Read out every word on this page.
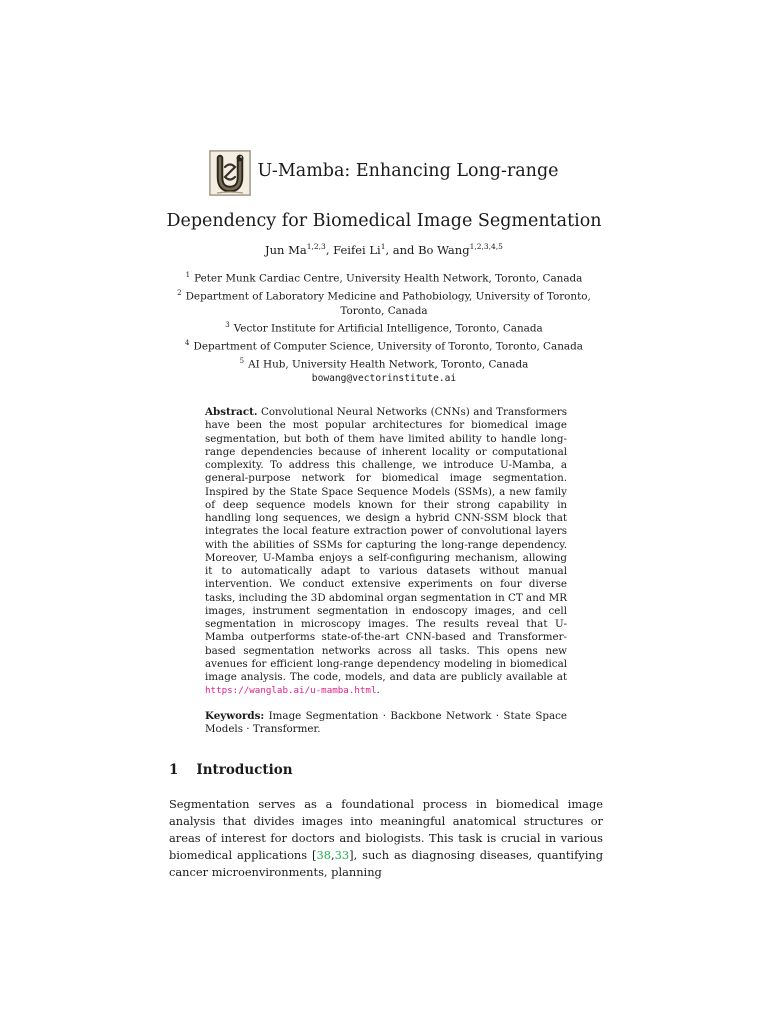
U-Mamba: Enhancing Long-range
Dependency for Biomedical Image Segmentation
Jun Ma$^{1,2,3}$, Feifei Li$^1$, and Bo Wang$^{1,2,3,4,5}$
$^1$ Peter Munk Cardiac Centre, University Health Network, Toronto, Canada
$^2$ Department of Laboratory Medicine and Pathobiology, University of Toronto, Toronto, Canada
$^3$ Vector Institute for Artificial Intelligence, Toronto, Canada
$^4$ Department of Computer Science, University of Toronto, Toronto, Canada
$^5$ AI Hub, University Health Network, Toronto, Canada
bowang@vectorinstitute.ai
Abstract. Convolutional Neural Networks (CNNs) and Transformers have been the most popular architectures for biomedical image segmentation, but both of them have limited ability to handle long-range dependencies because of inherent locality or computational complexity. To address this challenge, we introduce U-Mamba, a general-purpose network for biomedical image segmentation. Inspired by the State Space Sequence Models (SSMs), a new family of deep sequence models known for their strong capability in handling long sequences, we design a hybrid CNN-SSM block that integrates the local feature extraction power of convolutional layers with the abilities of SSMs for capturing the long-range dependency. Moreover, U-Mamba enjoys a self-configuring mechanism, allowing it to automatically adapt to various datasets without manual intervention. We conduct extensive experiments on four diverse tasks, including the 3D abdominal organ segmentation in CT and MR images, instrument segmentation in endoscopy images, and cell segmentation in microscopy images. The results reveal that U-Mamba outperforms state-of-the-art CNN-based and Transformer-based segmentation networks across all tasks. This opens new avenues for efficient long-range dependency modeling in biomedical image analysis. The code, models, and data are publicly available at https://wanglab.ai/u-mamba.html.
Keywords: Image Segmentation · Backbone Network · State Space Models · Transformer.
1 Introduction
Segmentation serves as a foundational process in biomedical image analysis that divides images into meaningful anatomical structures or areas of interest for doctors and biologists. This task is crucial in various biomedical applications [38,33], such as diagnosing diseases, quantifying cancer microenvironments, planning
